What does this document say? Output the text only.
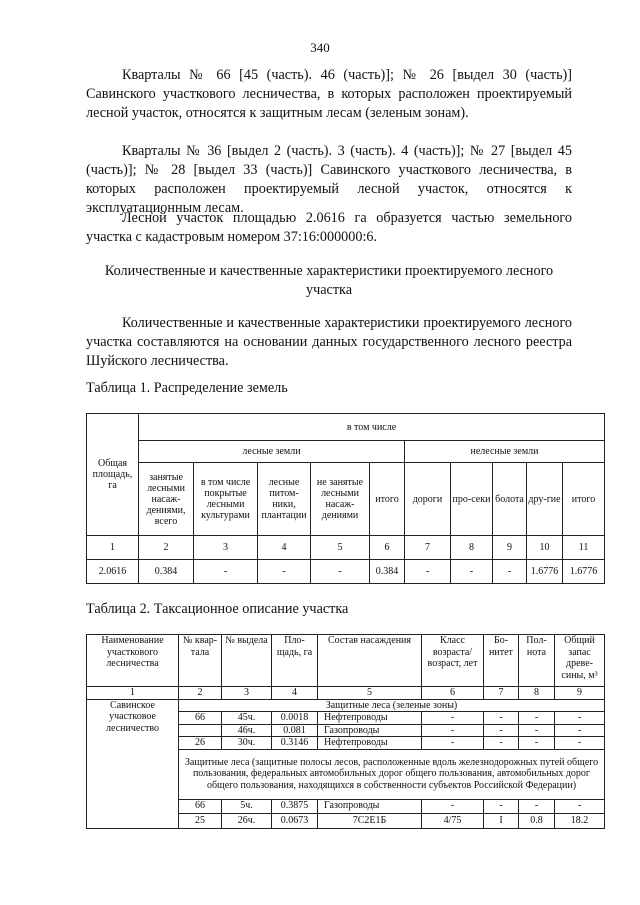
340

Кварталы № 66 [45 (часть). 46 (часть)]; № 26 [выдел 30 (часть)] Савинского участкового лесничества, в которых расположен проектируемый лесной участок, относятся к защитным лесам (зеленым зонам).

Кварталы № 36 [выдел 2 (часть). 3 (часть). 4 (часть)]; № 27 [выдел 45 (часть)]; № 28 [выдел 33 (часть)] Савинского участкового лесничества, в которых расположен проектируемый лесной участок, относятся к эксплуатационным лесам.

Лесной участок площадью 2.0616 га образуется частью земельного участка с кадастровым номером 37:16:000000:6.

Количественные и качественные характеристики проектируемого лесного участка

Количественные и качественные характеристики проектируемого лесного участка составляются на основании данных государственного лесного реестра Шуйского лесничества.

Таблица 1. Распределение земель

Общая площадь, га	в том числе									
	лесные земли					нелесные земли				
	занятые лесными насаж-дениями, всего	в том числе покрытые лесными культурами	лесные питом-ники, плантации	не занятые лесными насаж-дениями	итого	дороги	про-секи	болота	дру-гие	итого
1	2	3	4	5	6	7	8	9	10	11
2.0616	0.384	-	-	-	0.384	-	-	-	1.6776	1.6776

Таблица 2. Таксационное описание участка

Наименование участкового лесничества	№ квар-тала	№ выдела	Пло-щадь, га	Состав насаждения	Класс возраста/ возраст, лет	Бо-нитет	Пол-нота	Общий запас древе-сины, м³
1	2	3	4	5	6	7	8	9
Савинское участковое лесничество	Защитные леса (зеленые зоны)							
	66	45ч.	0.0018	Нефтепроводы	-	-	-	-
		46ч.	0.081	Газопроводы	-	-	-	-
	26	30ч.	0.3146	Нефтепроводы	-	-	-	-
	Защитные леса (защитные полосы лесов, расположенные вдоль железнодорожных путей общего пользования, федеральных автомобильных дорог общего пользования, автомобильных дорог общего пользования, находящихся в собственности субъектов Российской Федерации)							
	66	5ч.	0.3875	Газопроводы	-	-	-	-
	25	26ч.	0.0673	7С2Е1Б	4/75	I	0.8	18.2
